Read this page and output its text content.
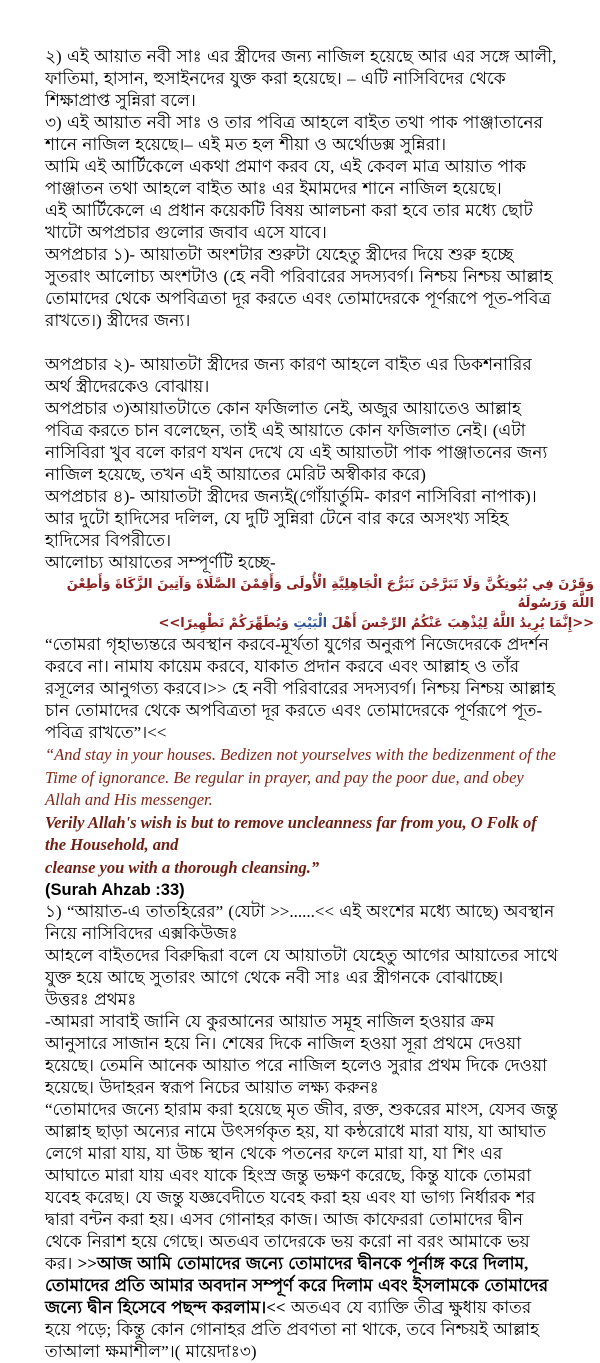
২) এই আয়াত নবী সাঃ এর স্ত্রীদের জন্য নাজিল হয়েছে আর এর সঙ্গে আলী, ফাতিমা, হাসান, হুসাইনদের যুক্ত করা হয়েছে। – এটি নাসিবিদের থেকে শিক্ষাপ্রাপ্ত সুন্নিরা বলে।

৩) এই আয়াত নবী সাঃ ও তার পবিত্র আহলে বাইত তথা পাক পাঞ্জাতানের শানে নাজিল হয়েছে।– এই মত হল শীয়া ও অর্থোডক্স সুন্নিরা।

আমি এই আর্টিকেলে একথা প্রমাণ করব যে, এই কেবল মাত্র আয়াত পাক পাঞ্জাতন তথা আহলে বাইত আঃ এর ইমামদের শানে নাজিল হয়েছে।

এই আর্টিকেলে এ প্রধান কয়েকটি বিষয় আলচনা করা হবে তার মধ্যে ছোট খাটো অপপ্রচার গুলোর জবাব এসে যাবে।

অপপ্রচার ১)- আয়াতটা অংশটার শুরুটা যেহেতু স্ত্রীদের দিয়ে শুরু হচ্ছে সুতরাং আলোচ্য অংশটাও (হে নবী পরিবারের সদস্যবর্গ। নিশ্চয় নিশ্চয় আল্লাহ তোমাদের থেকে অপবিত্রতা দূর করতে এবং তোমাদেরকে পূর্ণরূপে পূত-পবিত্র রাখতে।) স্ত্রীদের জন্য।

অপপ্রচার ২)- আয়াতটা স্ত্রীদের জন্য কারণ আহলে বাইত এর ডিকশনারির অর্থ স্ত্রীদেরকেও বোঝায়।

অপপ্রচার ৩)আয়াতটাতে কোন ফজিলাত নেই, অজুর আয়াতেও আল্লাহ পবিত্র করতে চান বলেছেন, তাই এই আয়াতে কোন ফজিলাত নেই। (এটা নাসিবিরা খুব বলে কারণ যখন দেখে যে এই আয়াতটা পাক পাঞ্জাতনের জন্য নাজিল হয়েছে, তখন এই আয়াতের মেরিট অস্বীকার করে)

অপপ্রচার ৪)- আয়াতটা স্ত্রীদের জন্যই(গোঁয়ার্তুমি- কারণ নাসিবিরা নাপাক)। আর দুটো হাদিসের দলিল, যে দুটি সুন্নিরা টেনে বার করে অসংখ্য সহিহ হাদিসের বিপরীতে।

আলোচ্য আয়াতের সম্পূর্ণটি হচ্ছে-

وَقَرْنَ فِي بُيُوتِكُنَّ وَلَا تَبَرَّجْنَ تَبَرُّجَ الْجَاهِلِيَّةِ الْأُولَى وَأَقِمْنَ الصَّلَاةَ وَآتِينَ الزَّكَاةَ وَأَطِعْنَ اللَّهَ وَرَسُولَهُ

<<	إِنَّمَا يُرِيدُ اللَّهُ لِيُذْهِبَ عَنْكُمُ الرِّجْسَ أَهْلَ الْبَيْتِ وَيُطَهِّرَكُمْ تَطْهِيرًا	>>

“তোমরা গৃহাভ্যন্তরে অবস্থান করবে-মূর্খতা যুগের অনুরূপ নিজেদেরকে প্রদর্শন করবে না। নামায কায়েম করবে, যাকাত প্রদান করবে এবং আল্লাহ ও তাঁর রসূলের আনুগত্য করবে।>> হে নবী পরিবারের সদস্যবর্গ। নিশ্চয় নিশ্চয় আল্লাহ চান তোমাদের থেকে অপবিত্রতা দূর করতে এবং তোমাদেরকে পূর্ণরূপে পূত-পবিত্র রাখতে”।<<

“And stay in your houses. Bedizen not yourselves with the bedizenment of the

Time of ignorance. Be regular in prayer, and pay the poor due, and obey Allah and His messenger.

Verily Allah's wish is but to remove uncleanness far from you, O Folk of the Household, and

cleanse you with a thorough cleansing.”

(Surah Ahzab :33)

১) “আয়াত-এ তাতহিরের” (যেটা >>......<< এই অংশের মধ্যে আছে) অবস্থান নিয়ে নাসিবিদের এক্সকিউজঃ

আহলে বাইতদের বিরুদ্ধিরা বলে যে আয়াতটা যেহেতু আগের আয়াতের সাথে যুক্ত হয়ে আছে সুতারং আগে থেকে নবী সাঃ এর স্ত্রীগনকে বোঝাচ্ছে।

উত্তরঃ প্রথমঃ

-আমরা সাবাই জানি যে কুরআনের আয়াত সমূহ নাজিল হওয়ার ক্রম আনুসারে সাজান হয়ে নি। শেষের দিকে নাজিল হওয়া সূরা প্রথমে দেওয়া হয়েছে। তেমনি আনেক আয়াত পরে নাজিল হলেও সুরার প্রথম দিকে দেওয়া হয়েছে। উদাহরন স্বরূপ নিচের আয়াত লক্ষ্য করুনঃ

“তোমাদের জন্যে হারাম করা হয়েছে মৃত জীব, রক্ত, শুকরের মাংস, যেসব জন্তু আল্লাহ ছাড়া অন্যের নামে উৎসর্গকৃত হয়, যা কন্ঠরোধে মারা যায়, যা আঘাত লেগে মারা যায়, যা উচ্চ স্থান থেকে পতনের ফলে মারা যা, যা শিং এর আঘাতে মারা যায় এবং যাকে হিংস্র জন্তু ভক্ষণ করেছে, কিন্তু যাকে তোমরা যবেহ করেছ। যে জন্তু যজ্ঞবেদীতে যবেহ করা হয় এবং যা ভাগ্য নির্ধারক শর দ্বারা বন্টন করা হয়। এসব গোনাহর কাজ। আজ কাফেররা তোমাদের দ্বীন থেকে নিরাশ হয়ে গেছে। অতএব তাদেরকে ভয় করো না বরং আমাকে ভয় কর। >>আজ আমি তোমাদের জন্যে তোমাদের দ্বীনকে পূর্নাঙ্গ করে দিলাম, তোমাদের প্রতি আমার অবদান সম্পূর্ণ করে দিলাম এবং ইসলামকে তোমাদের জন্যে দ্বীন হিসেবে পছন্দ করলাম।<< অতএব যে ব্যাক্তি তীব্র ক্ষুধায় কাতর হয়ে পড়ে; কিন্তু কোন গোনাহর প্রতি প্রবণতা না থাকে, তবে নিশ্চয়ই আল্লাহ তাআলা ক্ষমাশীল”।( মায়েদাঃ৩)
